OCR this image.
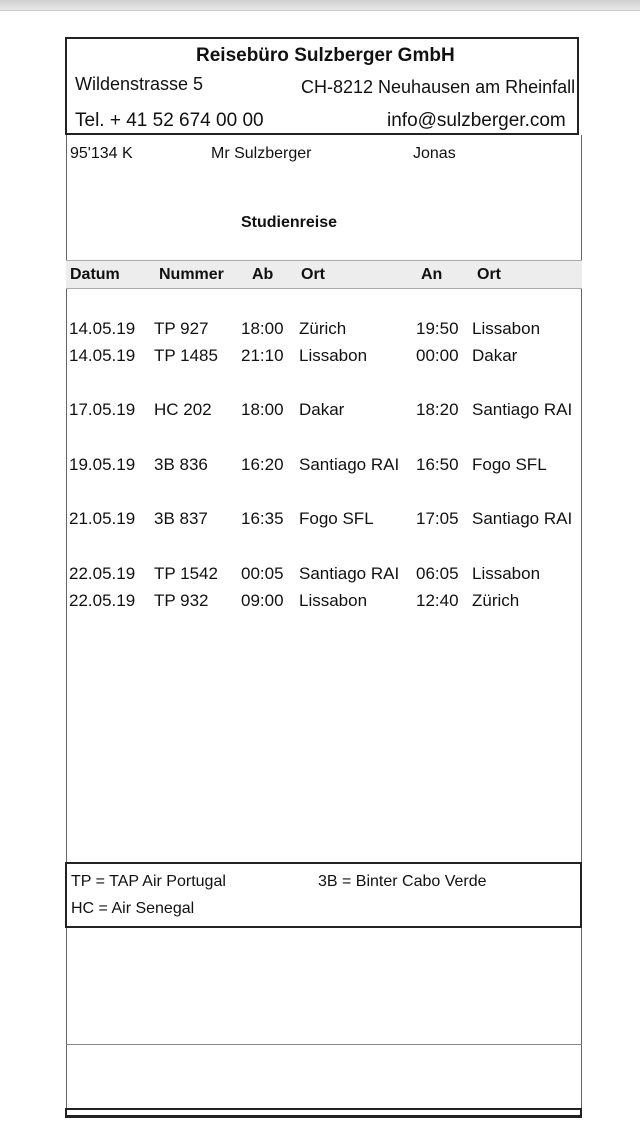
Reisebüro Sulzberger GmbH
Wildenstrasse 5	CH-8212 Neuhausen am Rheinfall
Tel. + 41 52 674 00 00	info@sulzberger.com
95'134 K	Mr Sulzberger	Jonas
Studienreise
Datum Nummer Ab Ort	An Ort
14.05.19 TP 927 18:00 Zürich	19:50 Lissabon
14.05.19 TP 1485 21:10 Lissabon	00:00 Dakar
17.05.19 HC 202 18:00 Dakar	18:20 Santiago RAI
19.05.19 3B 836 16:20 Santiago RAI 16:50 Fogo SFL
21.05.19 3B 837 16:35 Fogo SFL 17:05 Santiago RAI
22.05.19 TP 1542 00:05 Santiago RAI 06:05 Lissabon
22.05.19 TP 932 09:00 Lissabon	12:40 Zürich
TP = TAP Air Portugal	3B = Binter Cabo Verde
HC = Air Senegal
